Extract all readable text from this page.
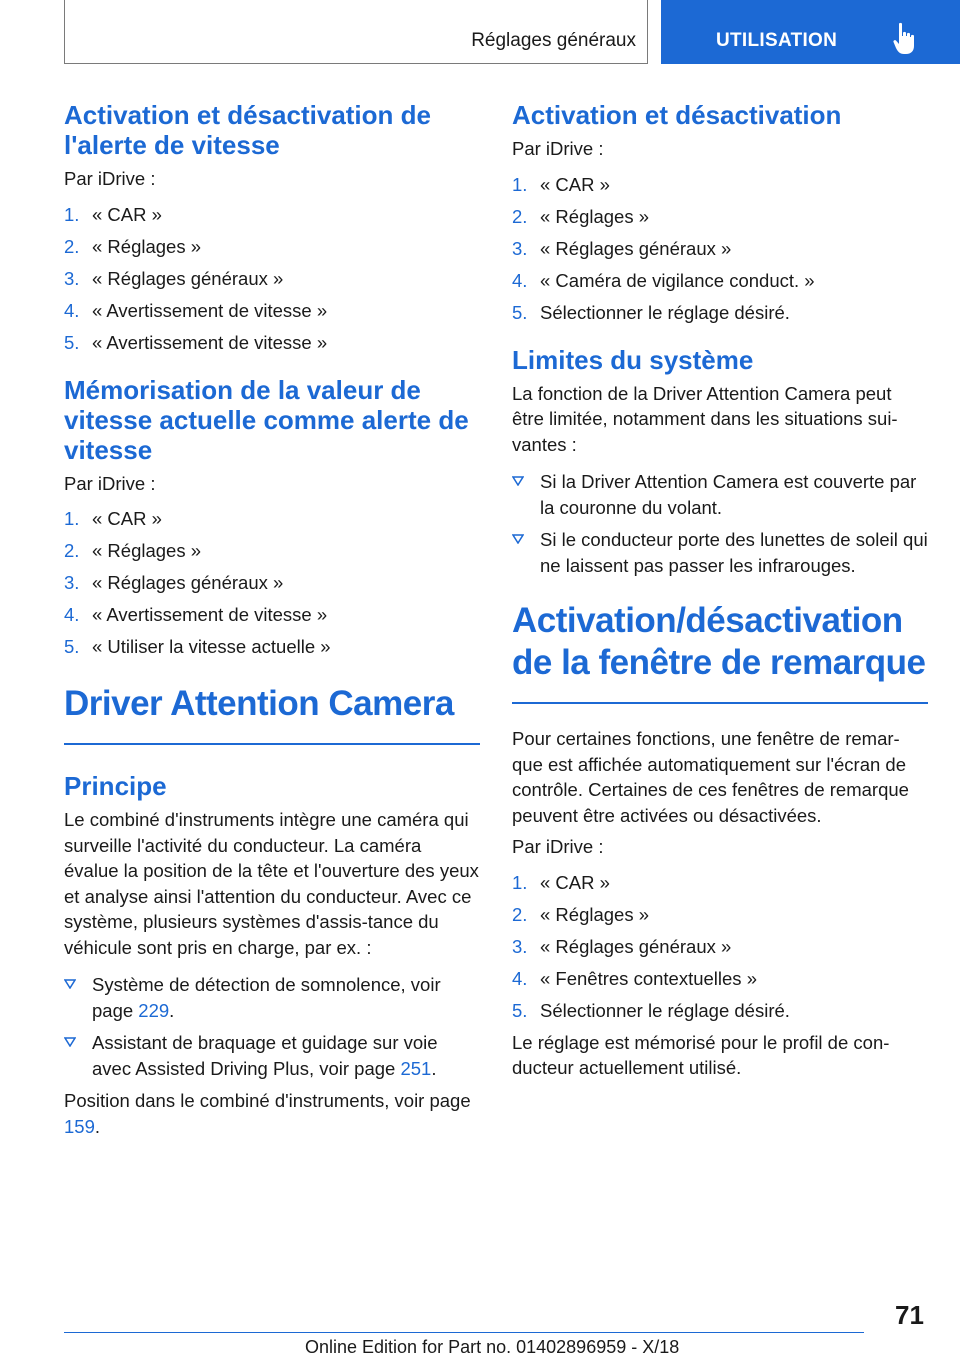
Réglages généraux	UTILISATION
Activation et désactivation de l'alerte de vitesse

Par iDrive :

1. « CAR »
2. « Réglages »
3. « Réglages généraux »
4. « Avertissement de vitesse »
5. « Avertissement de vitesse »
Mémorisation de la valeur de vitesse actuelle comme alerte de vitesse

Par iDrive :

1. « CAR »
2. « Réglages »
3. « Réglages généraux »
4. « Avertissement de vitesse »
5. « Utiliser la vitesse actuelle »
Driver Attention Camera
Principe

Le combiné d'instruments intègre une caméra qui surveille l'activité du conducteur. La caméra évalue la position de la tête et l'ouverture des yeux et analyse ainsi l'attention du conducteur. Avec ce système, plusieurs systèmes d'assis-tance du véhicule sont pris en charge, par ex. :

Système de détection de somnolence, voir page 229.
Assistant de braquage et guidage sur voie avec Assisted Driving Plus, voir page 251.

Position dans le combiné d'instruments, voir page 159.

Activation et désactivation

Par iDrive :

1. « CAR »
2. « Réglages »
3. « Réglages généraux »
4. « Caméra de vigilance conduct. »
5. Sélectionner le réglage désiré.
Limites du système

La fonction de la Driver Attention Camera peut être limitée, notamment dans les situations sui-vantes :

Si la Driver Attention Camera est couverte par la couronne du volant.
Si le conducteur porte des lunettes de soleil qui ne laissent pas passer les infrarouges.
Activation/désactivation de la fenêtre de remarque

Pour certaines fonctions, une fenêtre de remar-que est affichée automatiquement sur l'écran de contrôle. Certaines de ces fenêtres de remarque peuvent être activées ou désactivées.

Par iDrive :

1. « CAR »
2. « Réglages »
3. « Réglages généraux »
4. « Fenêtres contextuelles »
5. Sélectionner le réglage désiré.

Le réglage est mémorisé pour le profil de con-ducteur actuellement utilisé.

71
Online Edition for Part no. 01402896959 - X/18
